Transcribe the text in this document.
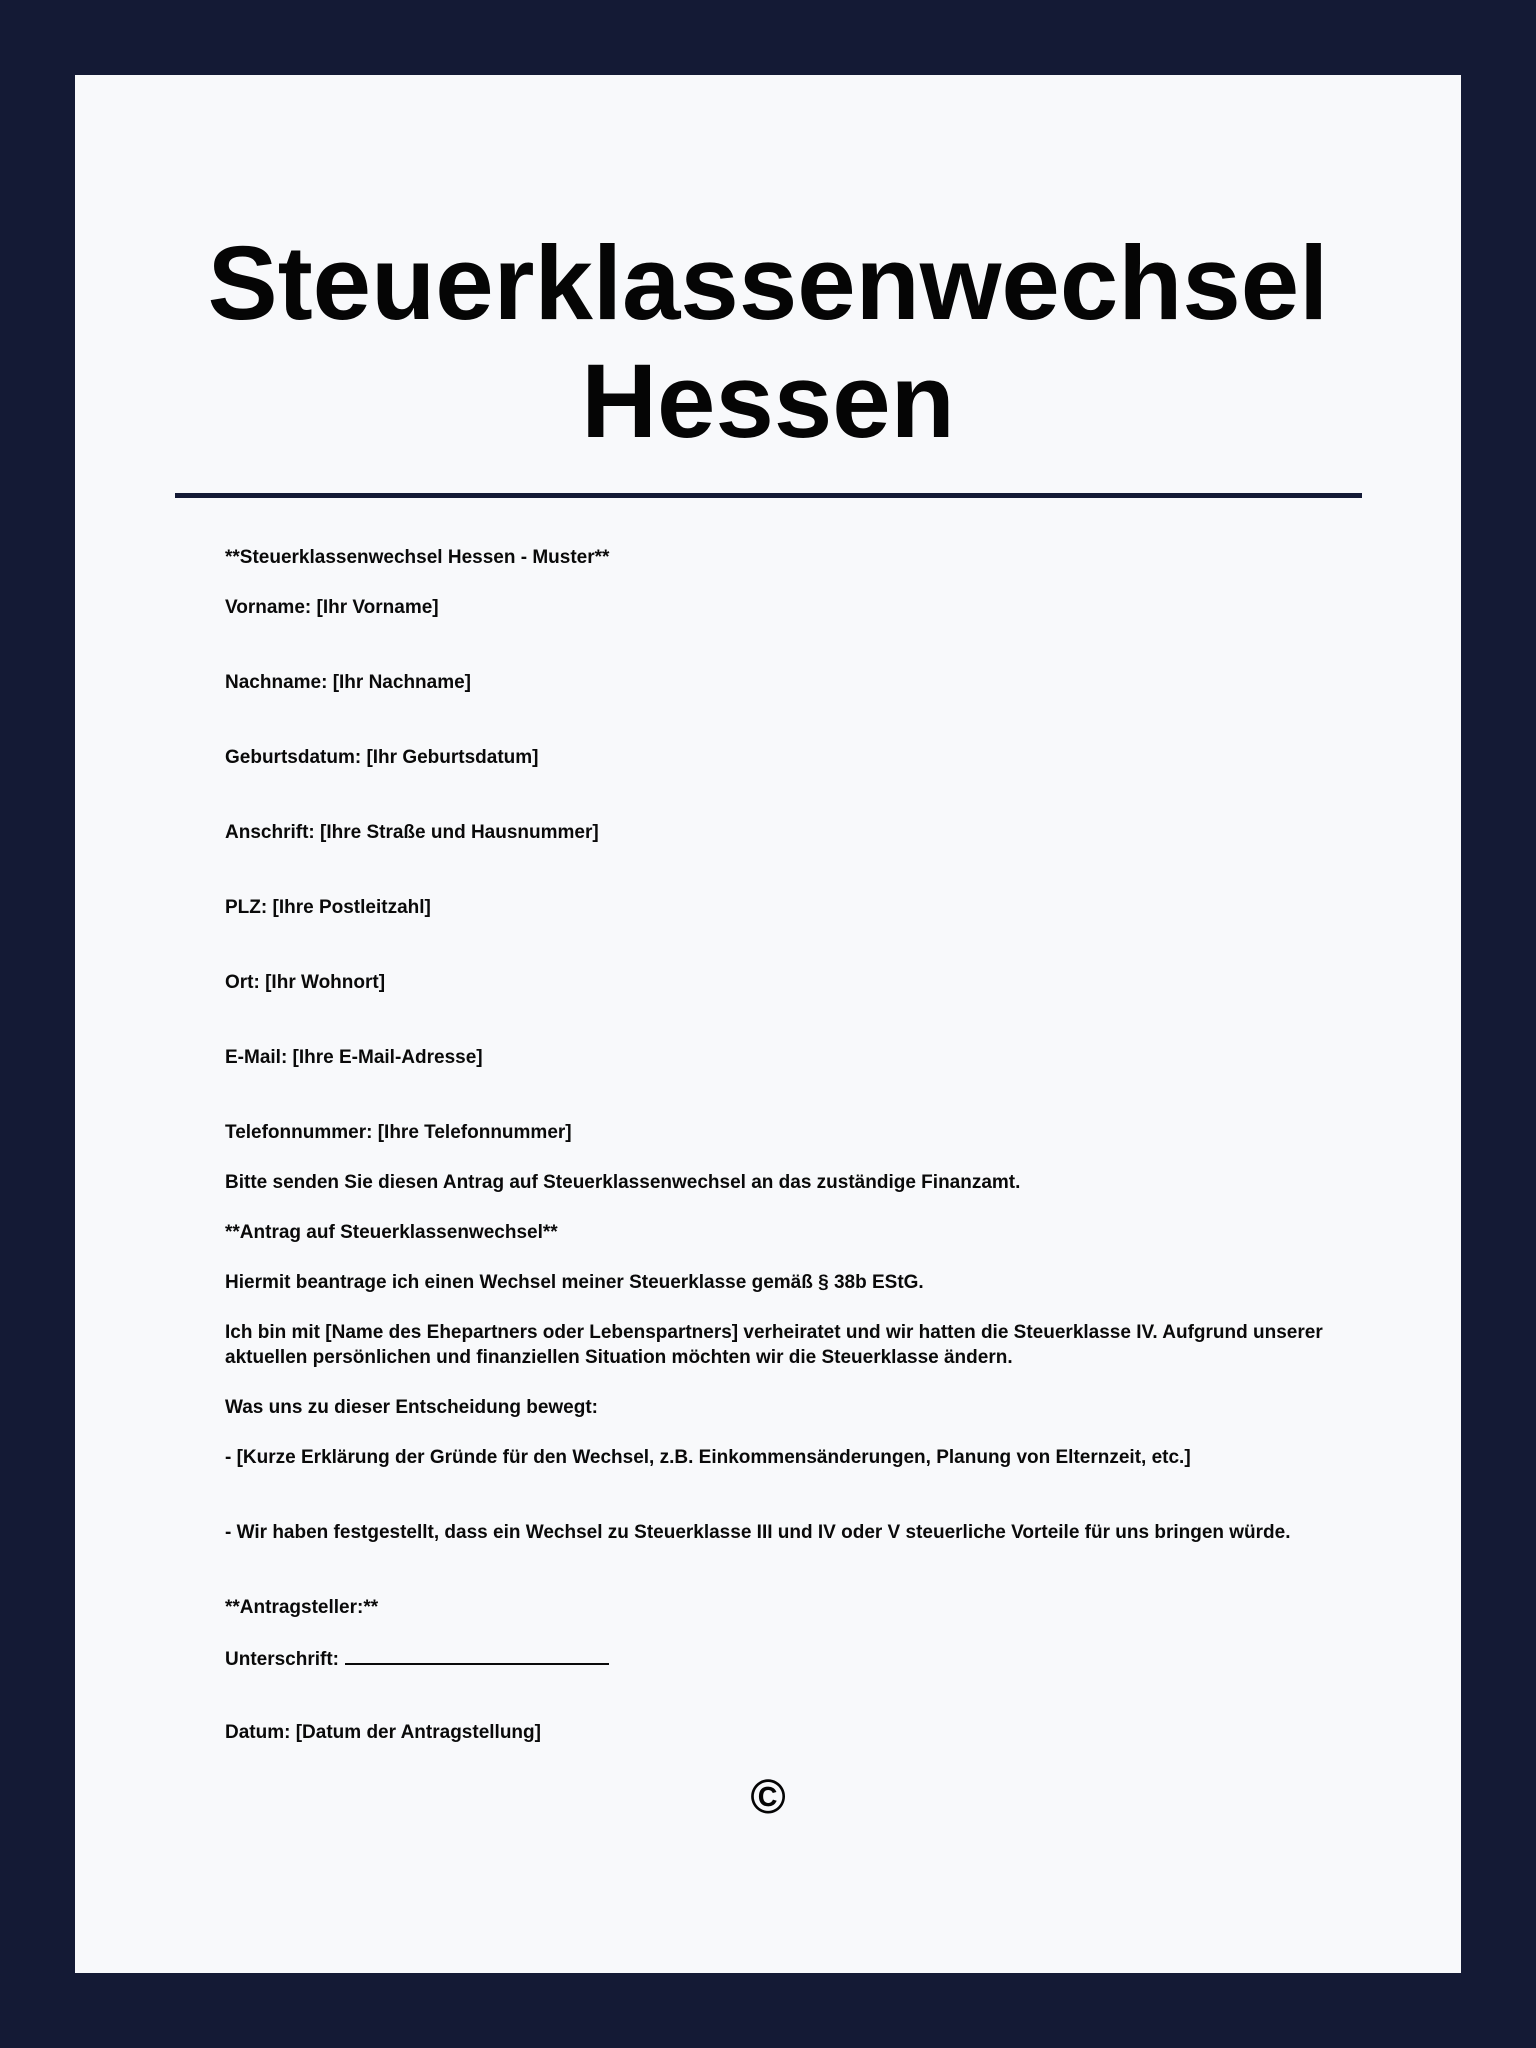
Steuerklassenwechsel
Hessen
**Steuerklassenwechsel Hessen - Muster**
Vorname: [Ihr Vorname]
Nachname: [Ihr Nachname]
Geburtsdatum: [Ihr Geburtsdatum]
Anschrift: [Ihre Straße und Hausnummer]
PLZ: [Ihre Postleitzahl]
Ort: [Ihr Wohnort]
E-Mail: [Ihre E-Mail-Adresse]
Telefonnummer: [Ihre Telefonnummer]
Bitte senden Sie diesen Antrag auf Steuerklassenwechsel an das zuständige Finanzamt.
**Antrag auf Steuerklassenwechsel**
Hiermit beantrage ich einen Wechsel meiner Steuerklasse gemäß § 38b EStG.
Ich bin mit [Name des Ehepartners oder Lebenspartners] verheiratet und wir hatten die Steuerklasse IV. Aufgrund unserer aktuellen persönlichen und finanziellen Situation möchten wir die Steuerklasse ändern.
Was uns zu dieser Entscheidung bewegt:
- [Kurze Erklärung der Gründe für den Wechsel, z.B. Einkommensänderungen, Planung von Elternzeit, etc.]
- Wir haben festgestellt, dass ein Wechsel zu Steuerklasse III und IV oder V steuerliche Vorteile für uns bringen würde.
**Antragsteller:**
Unterschrift:
Datum: [Datum der Antragstellung]
©
